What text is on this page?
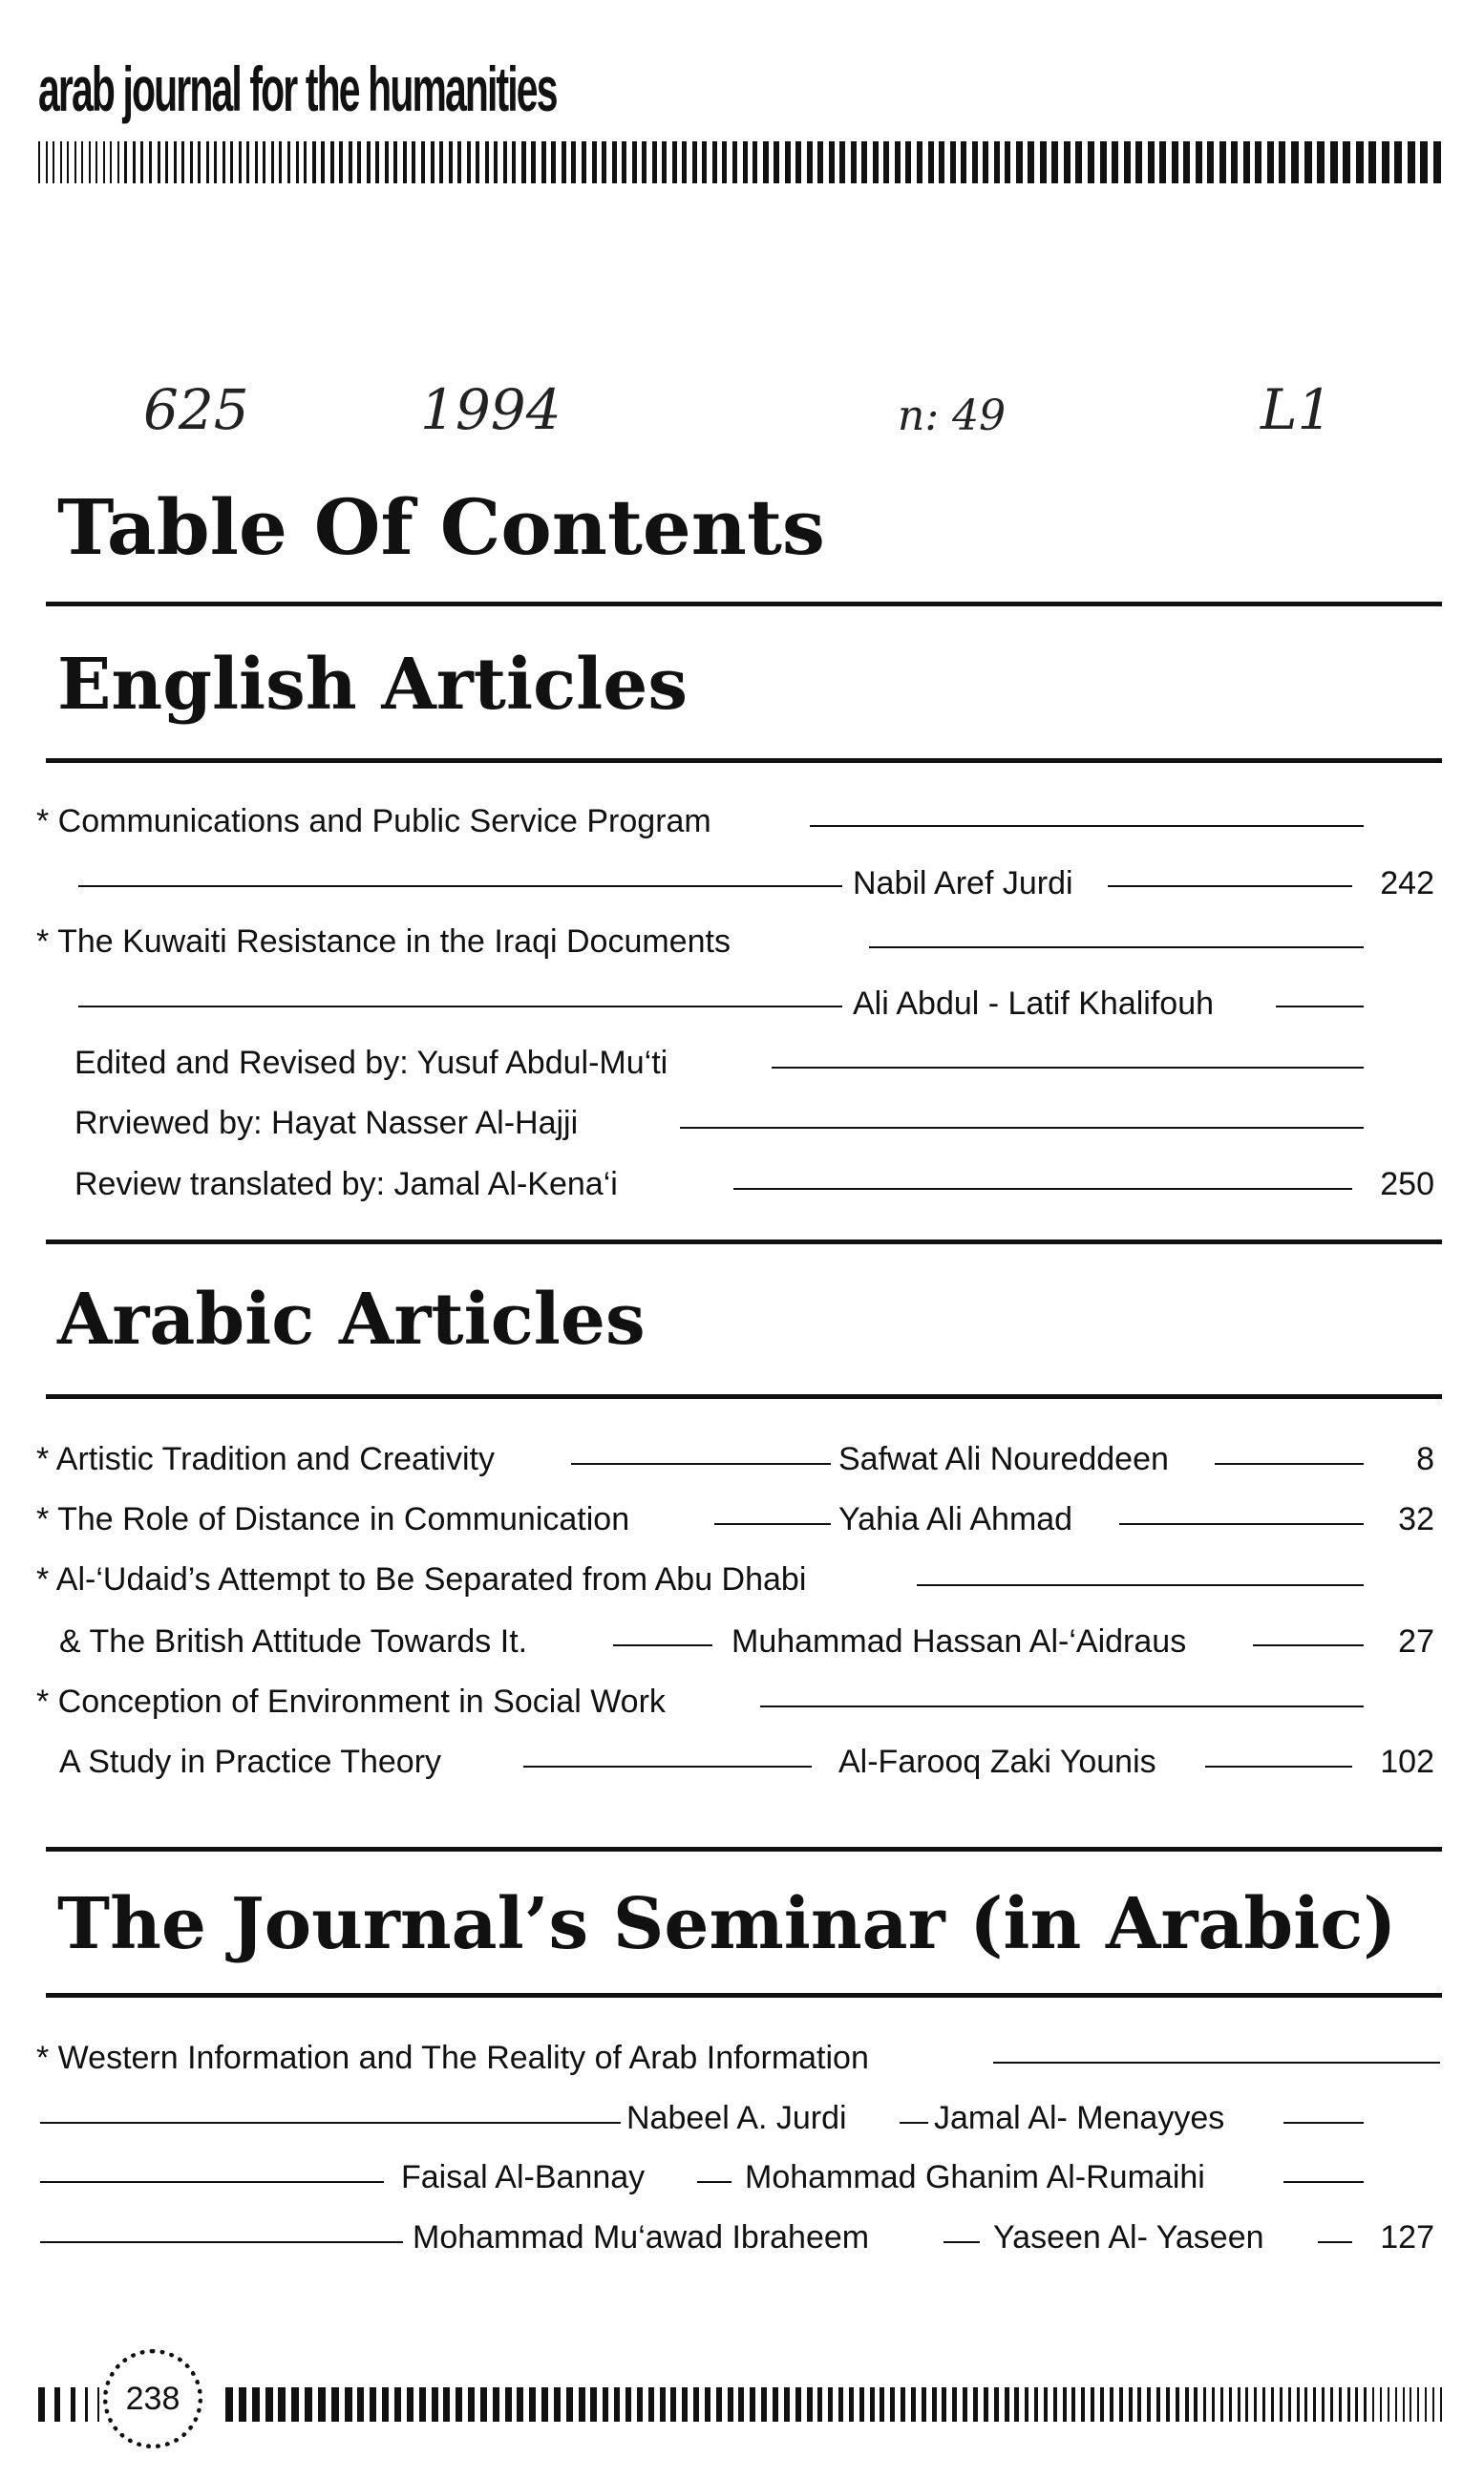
arab journal for the humanities
625	1994	n: 49	L1
Table Of Contents
English Articles
* Communications and Public Service Program
Nabil Aref Jurdi	242
* The Kuwaiti Resistance in the Iraqi Documents
Ali Abdul - Latif Khalifouh
Edited and Revised by: Yusuf Abdul-Mu‘ti
Rrviewed by: Hayat Nasser Al-Hajji
Review translated by: Jamal Al-Kena‘i	250
Arabic Articles
* Artistic Tradition and Creativity	Safwat Ali Noureddeen	8
* The Role of Distance in Communication	Yahia Ali Ahmad	32
* Al-‘Udaid’s Attempt to Be Separated from Abu Dhabi
& The British Attitude Towards It.	Muhammad Hassan Al-‘Aidraus	27
* Conception of Environment in Social Work
A Study in Practice Theory	Al-Farooq Zaki Younis	102
The Journal’s Seminar (in Arabic)
* Western Information and The Reality of Arab Information
Nabeel A. Jurdi	Jamal Al- Menayyes
Faisal Al-Bannay	Mohammad Ghanim Al-Rumaihi
Mohammad Mu‘awad Ibraheem	Yaseen Al- Yaseen	127
238
